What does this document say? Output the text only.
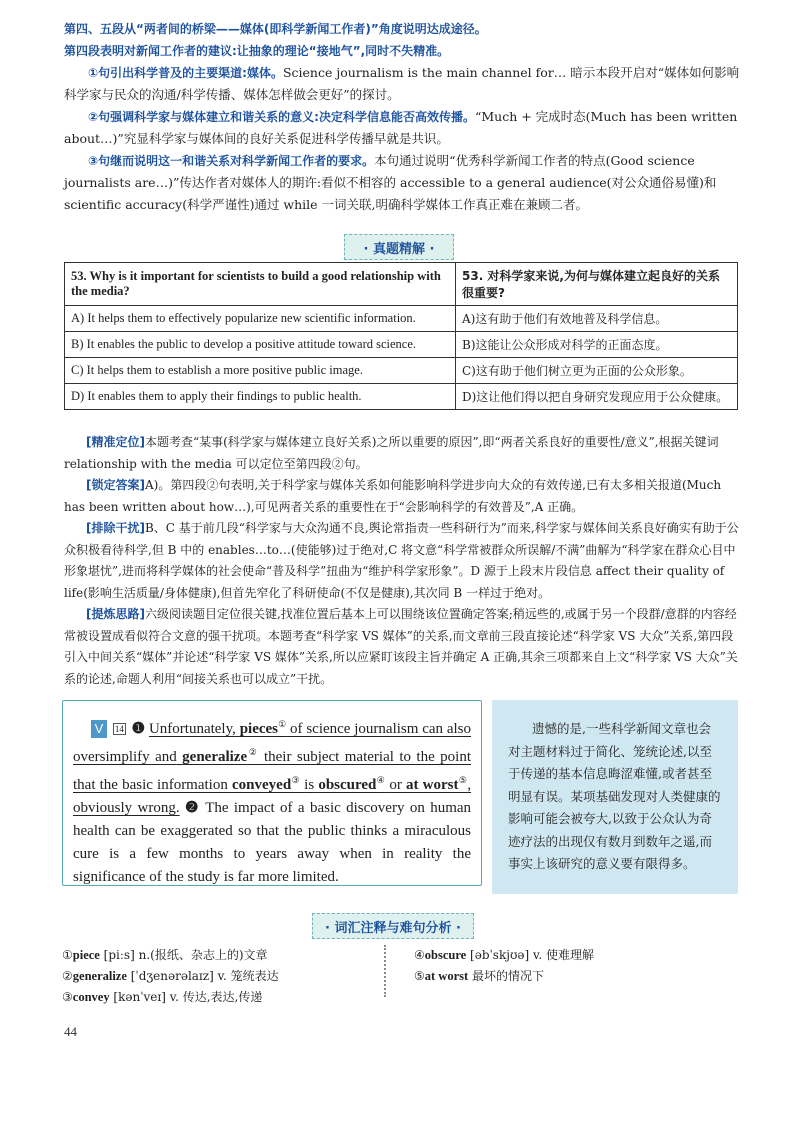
第四、五段从“两者间的桥梁——媒体(即科学新闻工作者)”角度说明达成途径。

第四段表明对新闻工作者的建议:让抽象的理论“接地气”,同时不失精准。

①句引出科学普及的主要渠道:媒体。Science journalism is the main channel for… 暗示本段开启对“媒体如何影响科学家与民众的沟通/科学传播、媒体怎样做会更好”的探讨。

②句强调科学家与媒体建立和谐关系的意义:决定科学信息能否高效传播。“Much + 完成时态(Much has been written about…)”究显科学家与媒体间的良好关系促进科学传播早就是共识。

③句继而说明这一和谐关系对科学新闻工作者的要求。本句通过说明“优秀科学新闻工作者的特点(Good science journalists are…)”传达作者对媒体人的期许:看似不相容的 accessible to a general audience(对公众通俗易懂)和 scientific accuracy(科学严谨性)通过 while 一词关联,明确科学媒体工作真正难在兼顾二者。

· 真题精解 ·
53. Why is it important for scientists to build a good relationship with the media?	53. 对科学家来说,为何与媒体建立起良好的关系很重要?
A) It helps them to effectively popularize new scientific information.	A)这有助于他们有效地普及科学信息。
B) It enables the public to develop a positive attitude toward science.	B)这能让公众形成对科学的正面态度。
C) It helps them to establish a more positive public image.	C)这有助于他们树立更为正面的公众形象。
D) It enables them to apply their findings to public health.	D)这让他们得以把自身研究发现应用于公众健康。

[精准定位]本题考查“某事(科学家与媒体建立良好关系)之所以重要的原因”,即“两者关系良好的重要性/意义”,根据关键词 relationship with the media 可以定位至第四段②句。

[锁定答案]A)。第四段②句表明,关于科学家与媒体关系如何能影响科学进步向大众的有效传递,已有太多相关报道(Much has been written about how…),可见两者关系的重要性在于“会影响科学的有效普及”,A 正确。

[排除干扰]B、C 基于前几段“科学家与大众沟通不良,舆论常指责一些科研行为”而来,科学家与媒体间关系良好确实有助于公众积极看待科学,但 B 中的 enables…to…(使能够)过于绝对,C 将文意“科学常被群众所误解/不满”曲解为“科学家在群众心目中形象堪忧”,进而将科学媒体的社会使命“普及科学”扭曲为“维护科学家形象”。D 源于上段末片段信息 affect their quality of life(影响生活质量/身体健康),但首先窄化了科研使命(不仅是健康),其次同 B 一样过于绝对。

[提炼思路]六级阅读题目定位很关键,找准位置后基本上可以围绕该位置确定答案;稍远些的,或属于另一个段群/意群的内容经常被设置成看似符合文意的强干扰项。本题考查“科学家 VS 媒体”的关系,而文章前三段直接论述“科学家 VS 大众”关系,第四段引入中间关系“媒体”并论述“科学家 VS 媒体”关系,所以应紧盯该段主旨并确定 A 正确,其余三项都来自上文“科学家 VS 大众”关系的论述,命题人利用“间接关系也可以成立”干扰。

V 14 ❶ Unfortunately, pieces① of science journalism can also oversimplify and generalize② their subject material to the point that the basic information conveyed③ is obscured④ or at worst⑤, obviously wrong. ❷ The impact of a basic discovery on human health can be exaggerated so that the public thinks a miraculous cure is a few months to years away when in reality the significance of the study is far more limited.
遗憾的是,一些科学新闻文章也会对主题材料过于简化、笼统论述,以至于传递的基本信息晦涩难懂,或者甚至明显有误。某项基础发现对人类健康的影响可能会被夸大,以致于公众认为奇迹疗法的出现仅有数月到数年之遥,而事实上该研究的意义要有限得多。
· 词汇注释与难句分析 ·
①piece [piːs] n.(报纸、杂志上的)文章
②generalize [ˈdʒenərəlaɪz] v. 笼统表达
③convey [kənˈveɪ] v. 传达,表达,传递
④obscure [əbˈskjʊə] v. 使难理解
⑤at worst 最坏的情况下
44
